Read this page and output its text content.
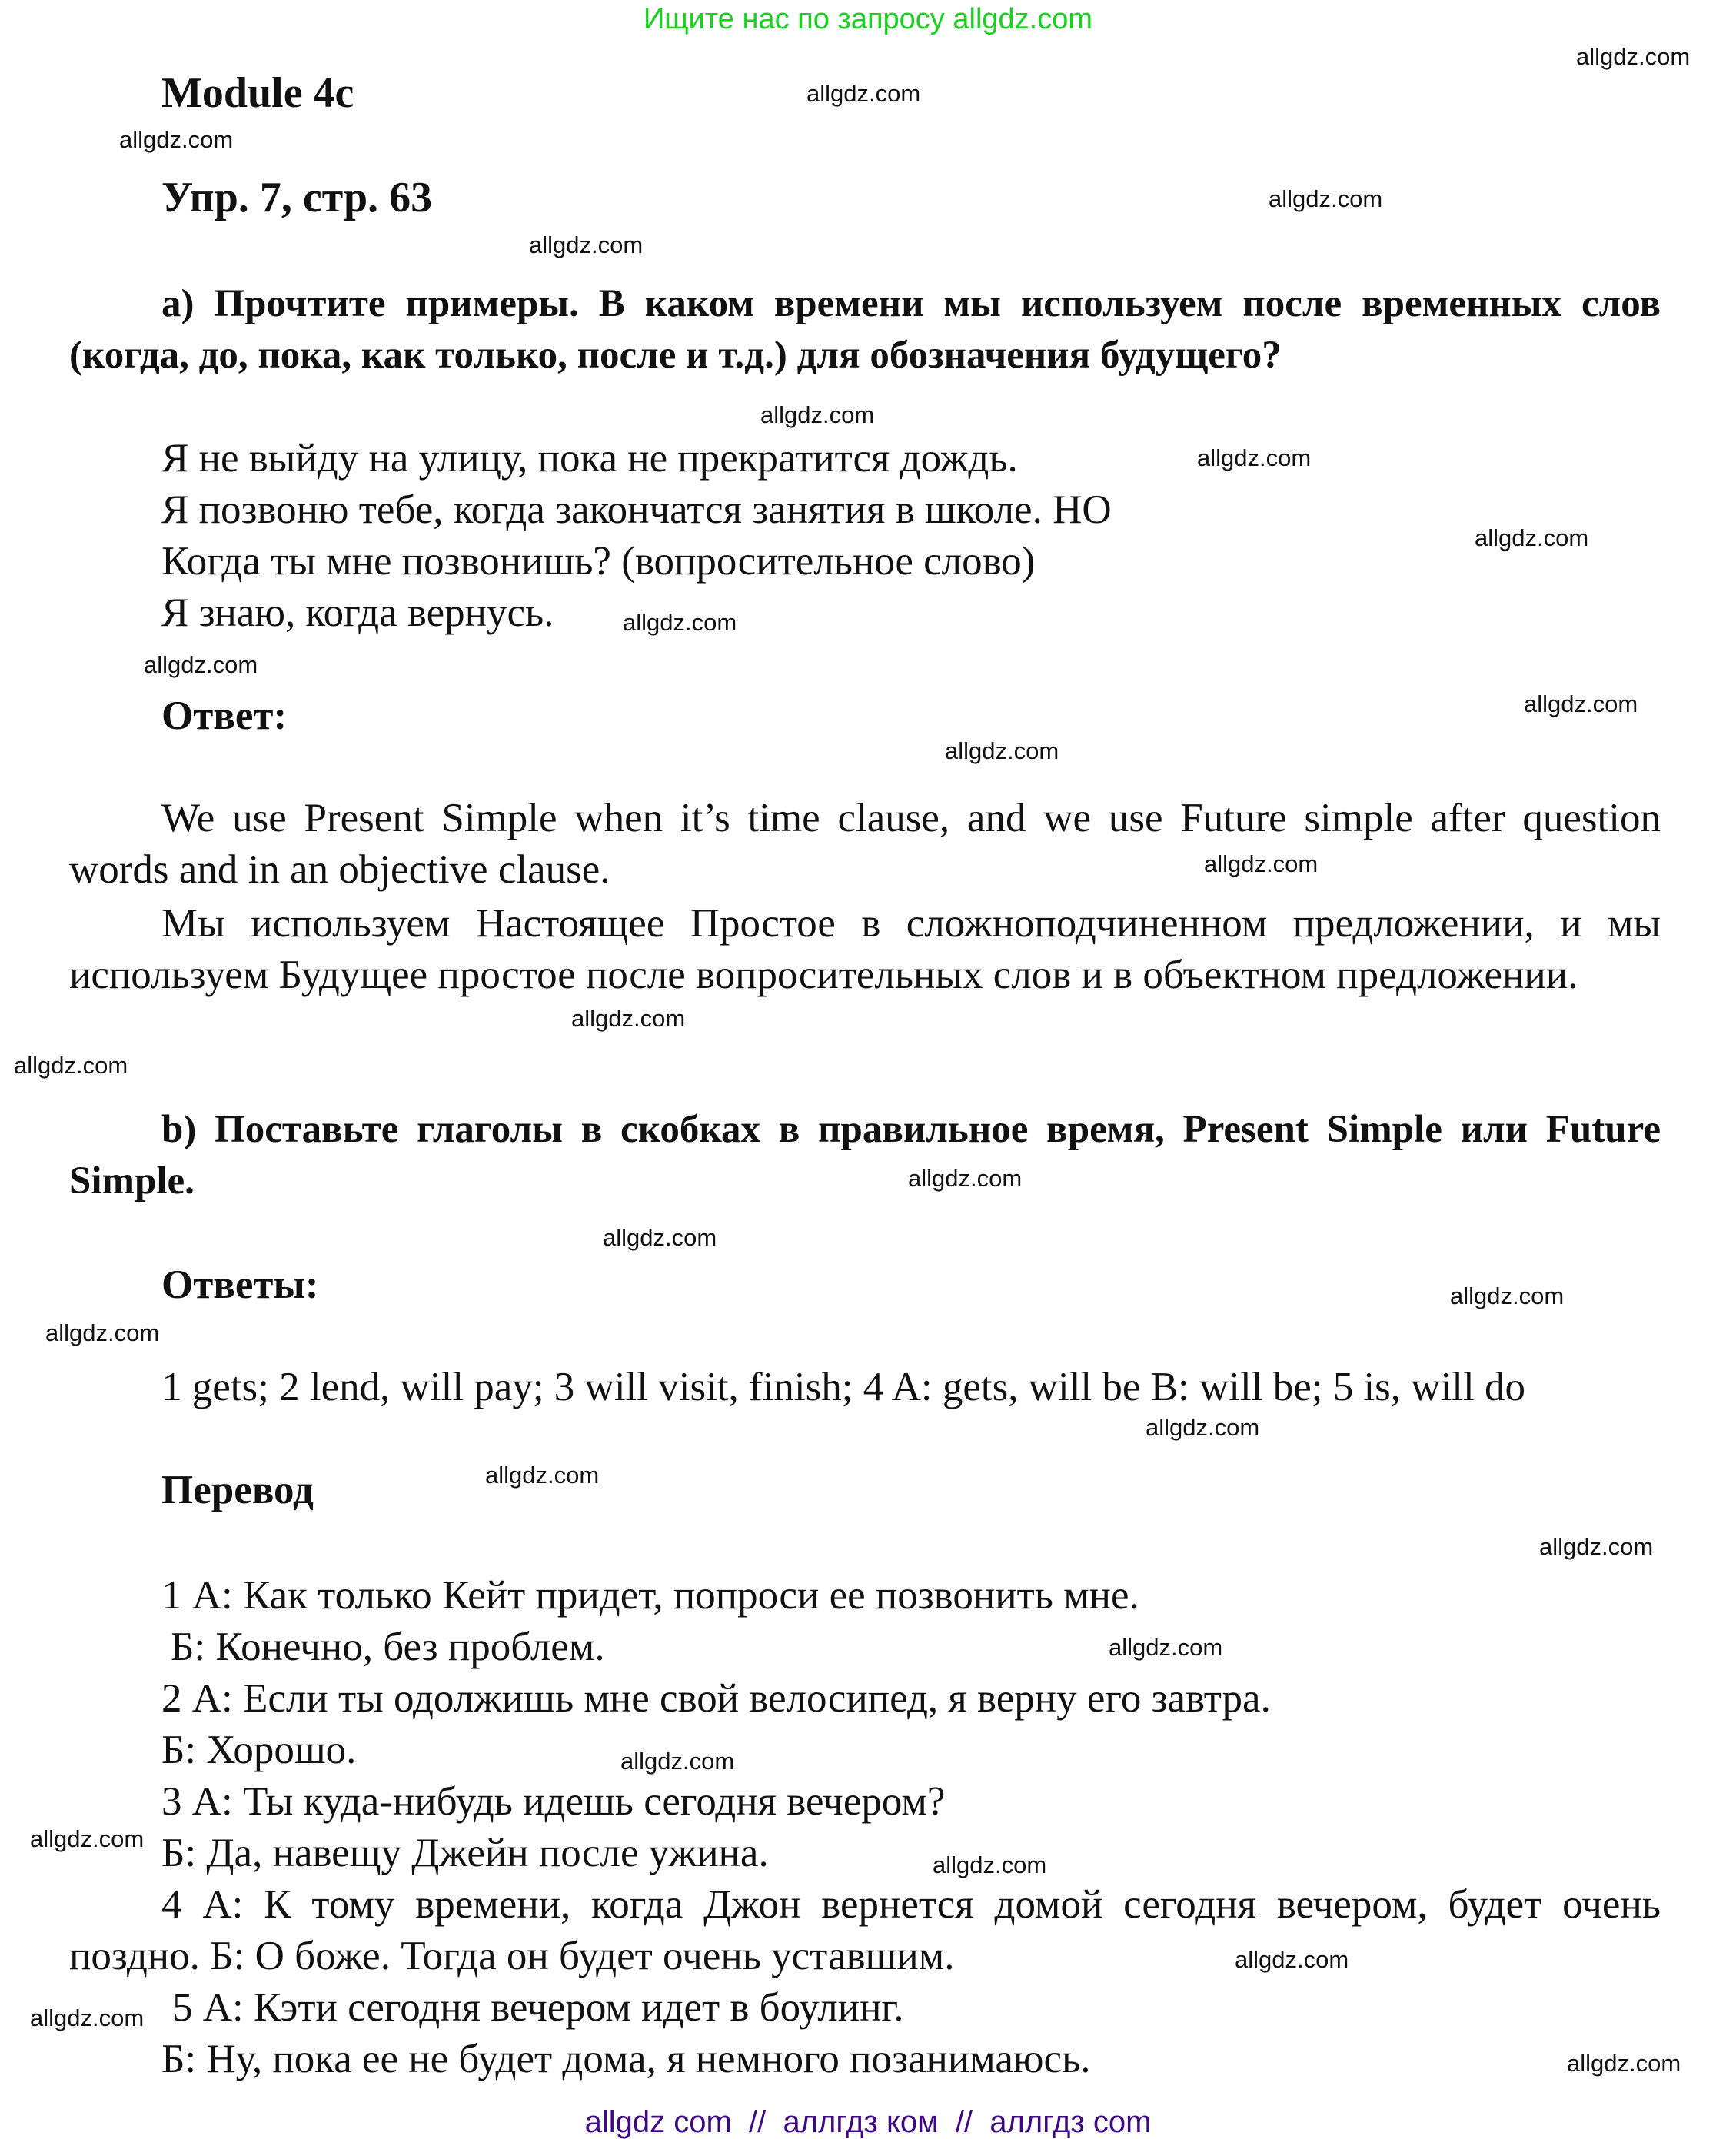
Ищите нас по запросу allgdz.com
Module 4c
Упр. 7, стр. 63
а) Прочтите примеры. В каком времени мы используем после временных слов (когда, до, пока, как только, после и т.д.) для обозначения будущего?
Я не выйду на улицу, пока не прекратится дождь.
Я позвоню тебе, когда закончатся занятия в школе. НО
Когда ты мне позвонишь? (вопросительное слово)
Я знаю, когда вернусь.
Ответ:
We use Present Simple when it’s time clause, and we use Future simple after question words and in an objective clause.
Мы используем Настоящее Простое в сложноподчиненном предложении, и мы используем Будущее простое после вопросительных слов и в объектном предложении.
b) Поставьте глаголы в скобках в правильное время, Present Simple или Future Simple.
Ответы:
1 gets; 2 lend, will pay; 3 will visit, finish; 4 A: gets, will be B: will be; 5 is, will do
Перевод
1 А: Как только Кейт придет, попроси ее позвонить мне.
Б: Конечно, без проблем.
2 А: Если ты одолжишь мне свой велосипед, я верну его завтра.
Б: Хорошо.
3 А: Ты куда-нибудь идешь сегодня вечером?
Б: Да, навещу Джейн после ужина.
4 А: К тому времени, когда Джон вернется домой сегодня вечером, будет очень поздно. Б: О боже. Тогда он будет очень уставшим.
5 А: Кэти сегодня вечером идет в боулинг.
Б: Ну, пока ее не будет дома, я немного позанимаюсь.
allgdz.com
allgdz.com
allgdz.com
allgdz.com
allgdz.com
allgdz.com
allgdz.com
allgdz.com
allgdz.com
allgdz.com
allgdz.com
allgdz.com
allgdz.com
allgdz.com
allgdz.com
allgdz.com
allgdz.com
allgdz.com
allgdz.com
allgdz.com
allgdz.com
allgdz.com
allgdz.com
allgdz.com
allgdz.com
allgdz.com
allgdz.com
allgdz.com
allgdz.com
allgdz com  //  аллгдз ком  //  аллгдз com
